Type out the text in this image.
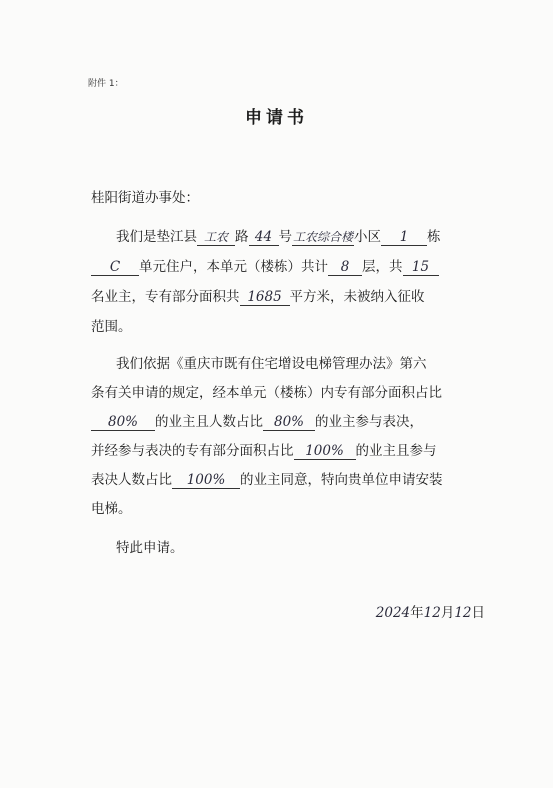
附件 1：
申请书
桂阳街道办事处：
我们是垫江县 工农 路 44 号工农综合楼小区 1 栋
C 单元住户，本单元（楼栋）共计 8 层，共 15
名业主，专有部分面积共 1685 平方米，未被纳入征收
范围。
我们依据《重庆市既有住宅增设电梯管理办法》第六
条有关申请的规定，经本单元（楼栋）内专有部分面积占比
80% 的业主且人数占比 80% 的业主参与表决，
并经参与表决的专有部分面积占比 100% 的业主且参与
表决人数占比 100% 的业主同意，特向贵单位申请安装
电梯。
特此申请。
2024年12月12日
